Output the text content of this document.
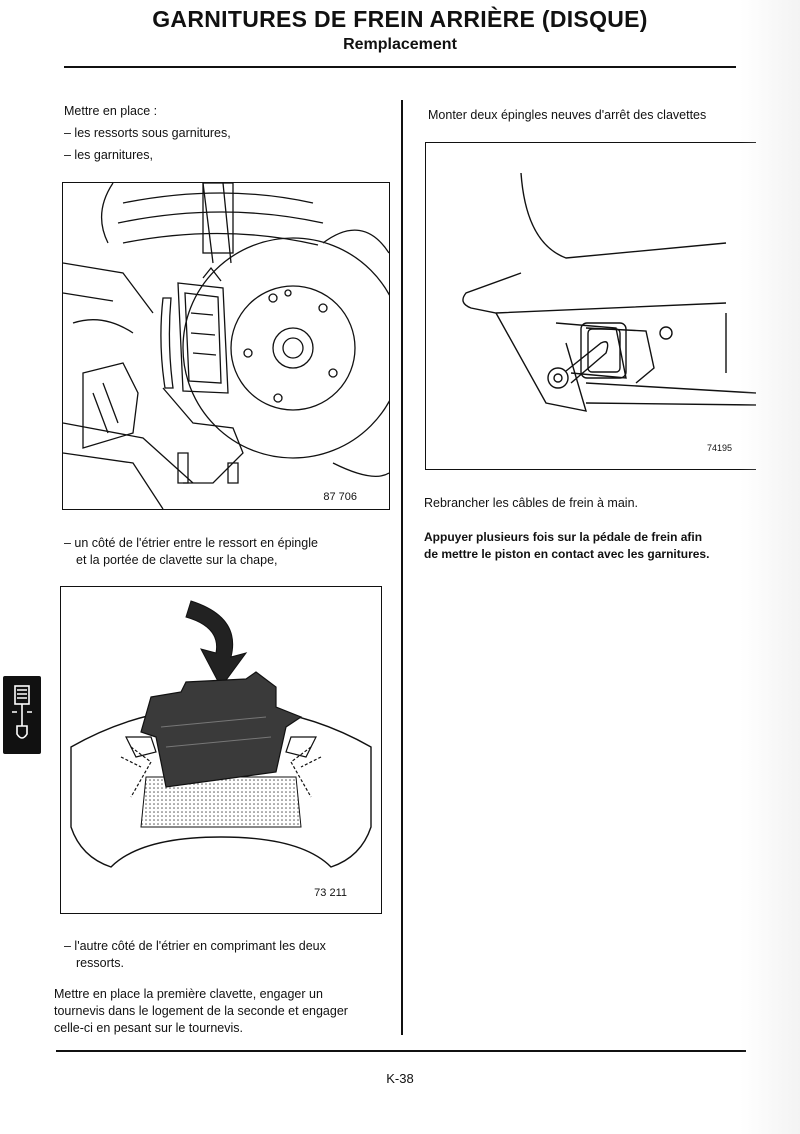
GARNITURES DE FREIN ARRIÈRE (DISQUE)
Remplacement
Mettre en place :
– les ressorts sous garnitures,
– les garnitures,
87 706
– un côté de l'étrier entre le ressort en épingle
et la portée de clavette sur la chape,
73 211
– l'autre côté de l'étrier en comprimant les deux
ressorts.
Mettre en place la première clavette, engager un
tournevis dans le logement de la seconde et engager
celle-ci en pesant sur le tournevis.
Monter deux épingles neuves d'arrêt des clavettes
74195
Rebrancher les câbles de frein à main.
Appuyer plusieurs fois sur la pédale de frein afin
de mettre le piston en contact avec les garnitures.
K-38
